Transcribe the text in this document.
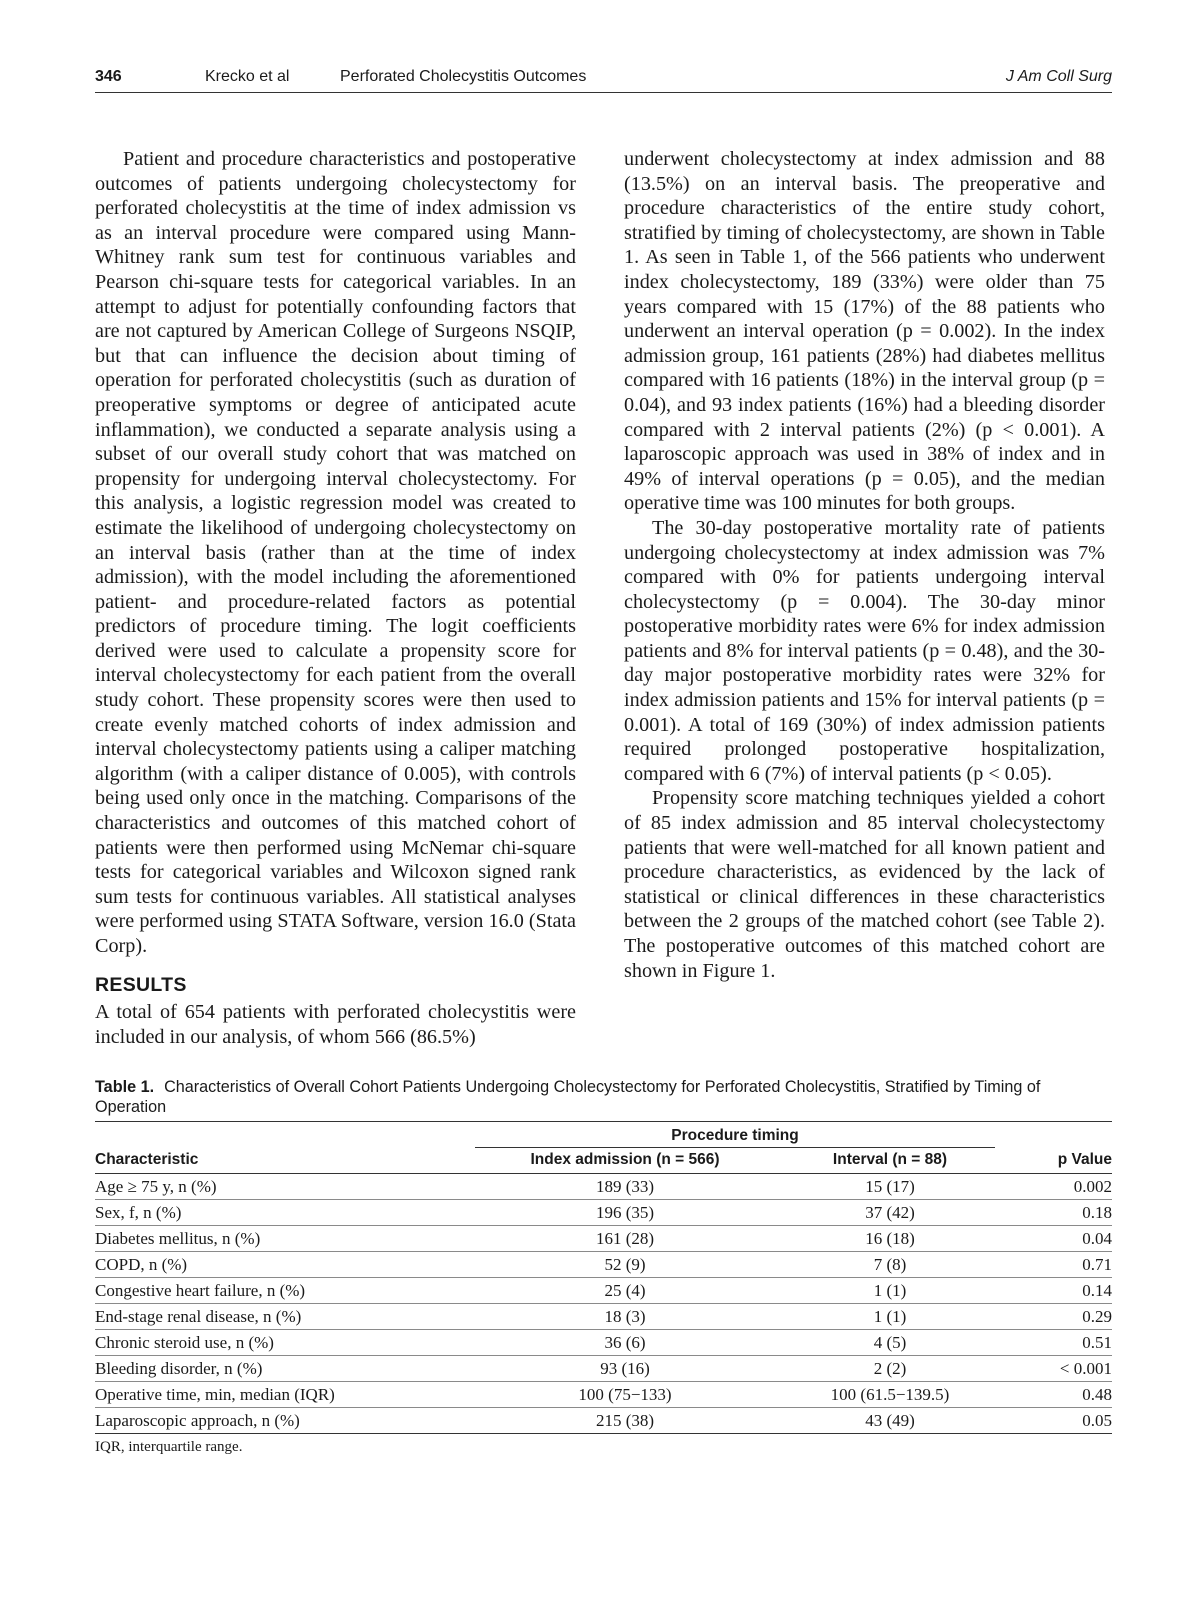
346	Krecko et al	Perforated Cholecystitis Outcomes	J Am Coll Surg

Patient and procedure characteristics and postoperative outcomes of patients undergoing cholecystectomy for perforated cholecystitis at the time of index admission vs as an interval procedure were compared using Mann-Whitney rank sum test for continuous variables and Pearson chi-square tests for categorical variables. In an attempt to adjust for potentially confounding factors that are not captured by American College of Surgeons NSQIP, but that can influence the decision about timing of operation for perforated cholecystitis (such as duration of preoperative symptoms or degree of anticipated acute inflammation), we conducted a separate analysis using a subset of our overall study cohort that was matched on propensity for undergoing interval cholecystectomy. For this analysis, a logistic regression model was created to estimate the likelihood of undergoing cholecystectomy on an interval basis (rather than at the time of index admission), with the model including the aforementioned patient- and procedure-related factors as potential predictors of procedure timing. The logit coefficients derived were used to calculate a propensity score for interval cholecystectomy for each patient from the overall study cohort. These propensity scores were then used to create evenly matched cohorts of index admission and interval cholecystectomy patients using a caliper matching algorithm (with a caliper distance of 0.005), with controls being used only once in the matching. Comparisons of the characteristics and outcomes of this matched cohort of patients were then performed using McNemar chi-square tests for categorical variables and Wilcoxon signed rank sum tests for continuous variables. All statistical analyses were performed using STATA Software, version 16.0 (Stata Corp).

RESULTS

A total of 654 patients with perforated cholecystitis were included in our analysis, of whom 566 (86.5%)

underwent cholecystectomy at index admission and 88 (13.5%) on an interval basis. The preoperative and procedure characteristics of the entire study cohort, stratified by timing of cholecystectomy, are shown in Table 1. As seen in Table 1, of the 566 patients who underwent index cholecystectomy, 189 (33%) were older than 75 years compared with 15 (17%) of the 88 patients who underwent an interval operation (p = 0.002). In the index admission group, 161 patients (28%) had diabetes mellitus compared with 16 patients (18%) in the interval group (p = 0.04), and 93 index patients (16%) had a bleeding disorder compared with 2 interval patients (2%) (p < 0.001). A laparoscopic approach was used in 38% of index and in 49% of interval operations (p = 0.05), and the median operative time was 100 minutes for both groups.

The 30-day postoperative mortality rate of patients undergoing cholecystectomy at index admission was 7% compared with 0% for patients undergoing interval cholecystectomy (p = 0.004). The 30-day minor postoperative morbidity rates were 6% for index admission patients and 8% for interval patients (p = 0.48), and the 30-day major postoperative morbidity rates were 32% for index admission patients and 15% for interval patients (p = 0.001). A total of 169 (30%) of index admission patients required prolonged postoperative hospitalization, compared with 6 (7%) of interval patients (p < 0.05).

Propensity score matching techniques yielded a cohort of 85 index admission and 85 interval cholecystectomy patients that were well-matched for all known patient and procedure characteristics, as evidenced by the lack of statistical or clinical differences in these characteristics between the 2 groups of the matched cohort (see Table 2). The postoperative outcomes of this matched cohort are shown in Figure 1.

Table 1. Characteristics of Overall Cohort Patients Undergoing Cholecystectomy for Perforated Cholecystitis, Stratified by Timing of Operation

	Procedure timing		

Characteristic	Index admission (n = 566)	Interval (n = 88)	p Value
Age ≥ 75 y, n (%)	189 (33)	15 (17)	0.002
Sex, f, n (%)	196 (35)	37 (42)	0.18
Diabetes mellitus, n (%)	161 (28)	16 (18)	0.04
COPD, n (%)	52 (9)	7 (8)	0.71
Congestive heart failure, n (%)	25 (4)	1 (1)	0.14
End-stage renal disease, n (%)	18 (3)	1 (1)	0.29
Chronic steroid use, n (%)	36 (6)	4 (5)	0.51
Bleeding disorder, n (%)	93 (16)	2 (2)	< 0.001
Operative time, min, median (IQR)	100 (75−133)	100 (61.5−139.5)	0.48
Laparoscopic approach, n (%)	215 (38)	43 (49)	0.05
IQR, interquartile range.
